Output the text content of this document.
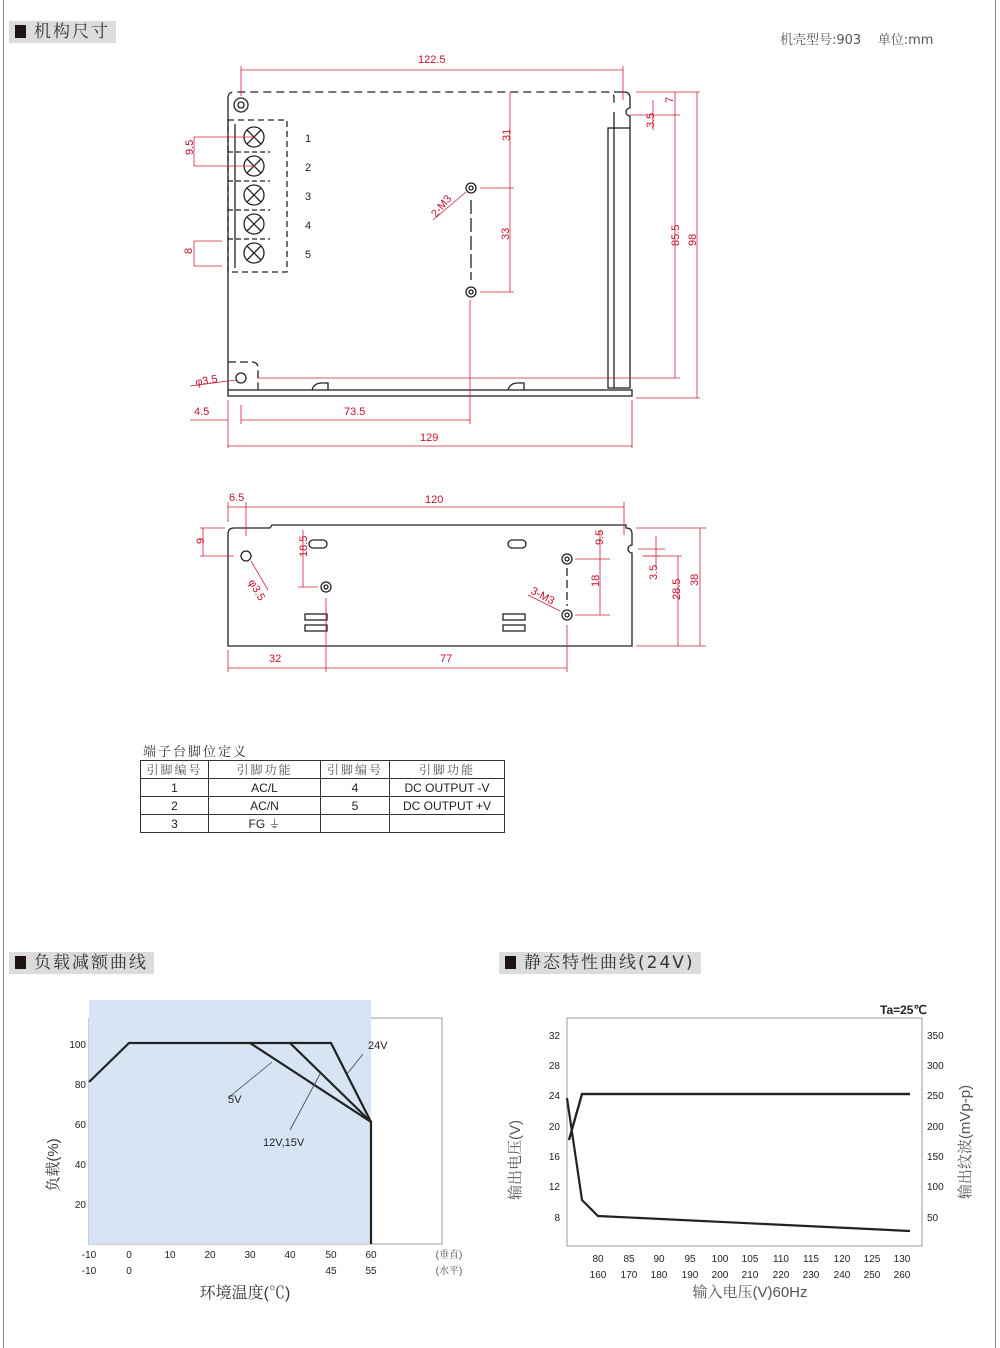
机构尺寸	机壳型号:903 单位:mm
122.5
9.5
8
31
33
2-M3
7
3.5
85.5 98
φ3.5
4.5	73.5
129
1
2
3
4
5
6.5	120
9
φ3.5
18.5	9.5
18
3-M3
3.5
28.5 38
32	77
端子台脚位定义
引脚编号	引脚功能	引脚编号	引脚功能
1	AC/L	4	DC OUTPUT -V
2	AC/N	5	DC OUTPUT +V
3	FG ⏚		
负载减额曲线	静态特性曲线(24V)
5V
12V,15V
24V
20
40
60
80
100
-10	0	10	20	30	40	50	60
-10	0	45	55
(垂直)
(水平)
环境温度(℃)
负载(%)
Ta=25℃
8
12
16
20
24
28
32
50
100
150
200
250
300
350
80 85 90 95 100 105 110 115 120 125 130
160 170 180 190 200 210 220 230 240 250 260
输入电压(V)60Hz
输出电压(V)	输出纹波(mVp-p)
